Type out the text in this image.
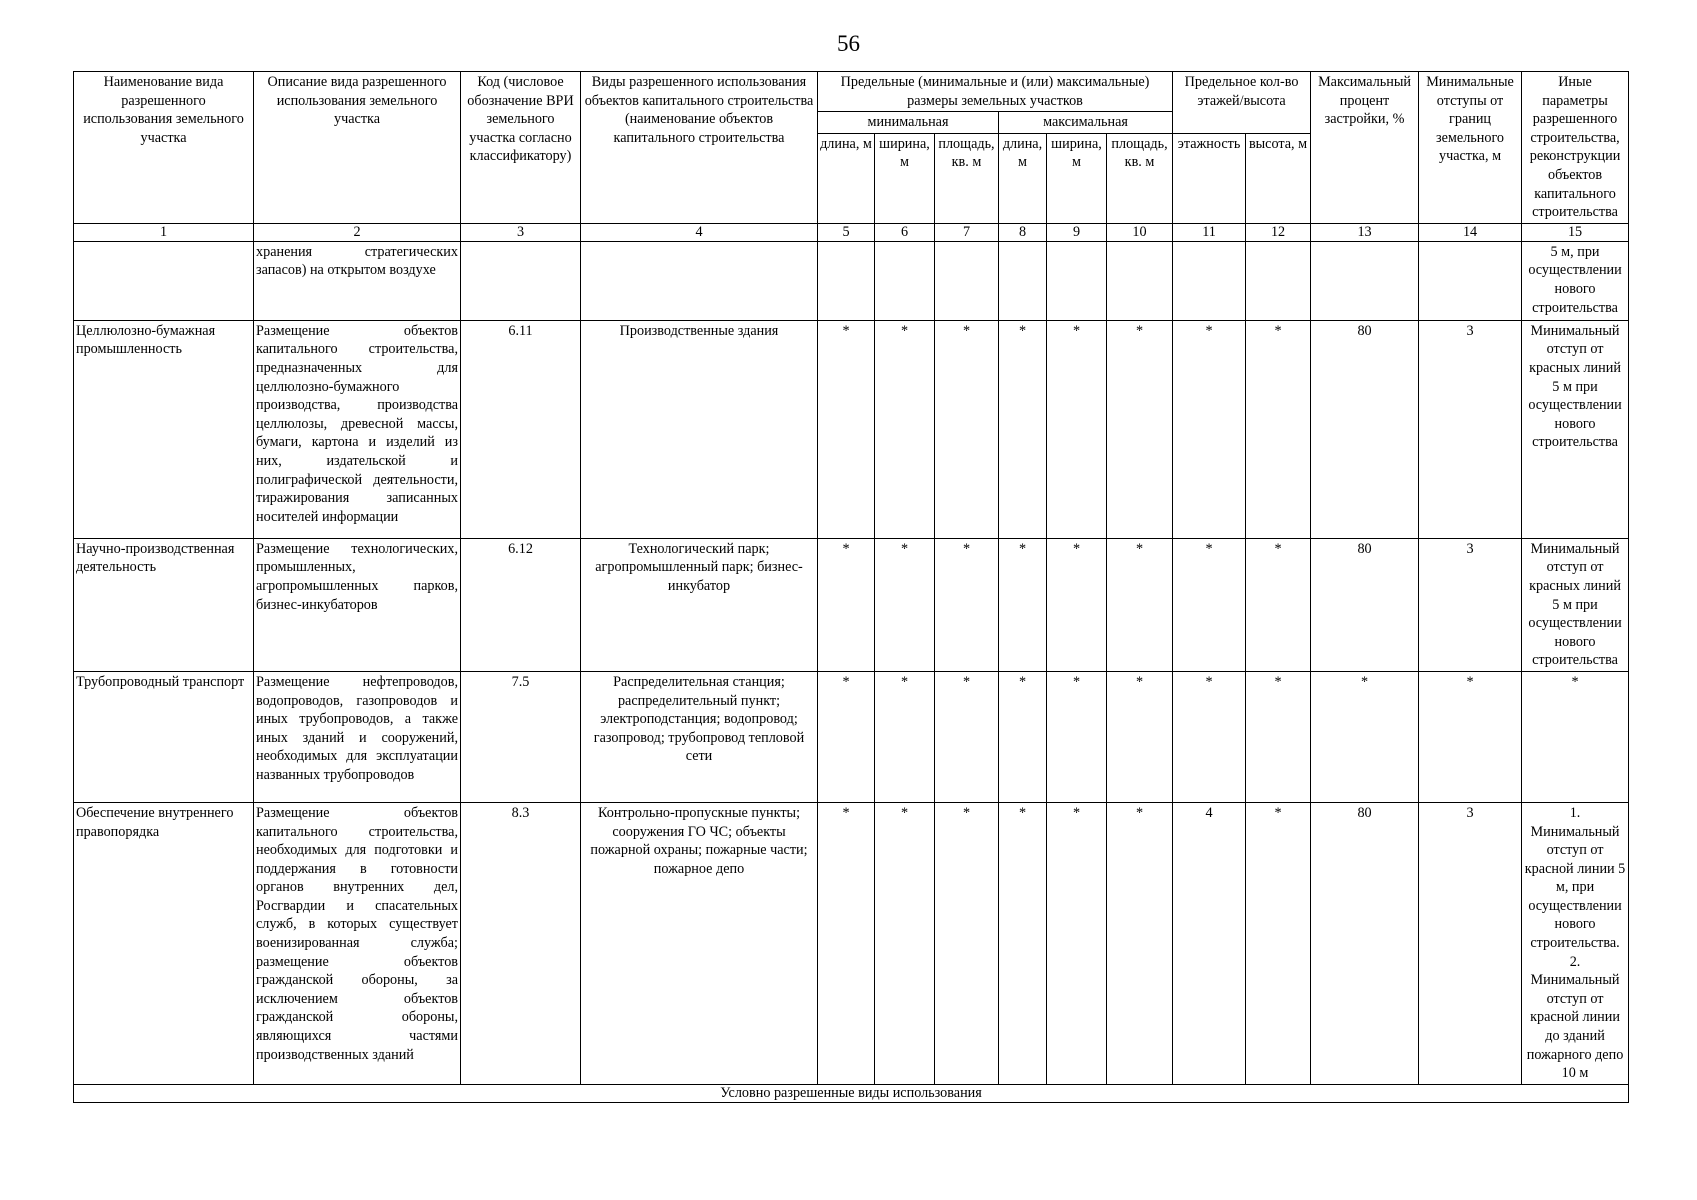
56
Наименование вида разрешенного использования земельного участка	Описание вида разрешенного использования земельного участка	Код (числовое обозначение ВРИ земельного участка согласно классификатору)	Виды разрешенного использования объектов капитального строительства (наименование объектов капитального строительства	Предельные (минимальные и (или) максимальные) размеры земельных участков						Предельное кол-во этажей/высота		Максимальный процент застройки, %	Минимальные отступы от границ земельного участка, м	Иные параметры разрешенного строительства, реконструкции объектов капитального строительства
				минимальная			максимальная							
				длина, м	ширина, м	площадь, кв. м	длина, м	ширина, м	площадь, кв. м	этажность	высота, м			
1	2	3	4	5	6	7	8	9	10	11	12	13	14	15
	хранения стратегических запасов) на открытом воздухе													5 м, при осуществлении нового строительства
Целлюлозно-бумажная промышленность	Размещение объектов капитального строительства, предназначенных для целлюлозно-бумажного производства, производства целлюлозы, древесной массы, бумаги, картона и изделий из них, издательской и полиграфической деятельности, тиражирования записанных носителей информации	6.11	Производственные здания	*	*	*	*	*	*	*	*	80	3	Минимальный отступ от красных линий 5 м при осуществлении нового строительства
Научно-производственная деятельность	Размещение технологических, промышленных, агропромышленных парков, бизнес-инкубаторов	6.12	Технологический парк; агропромышленный парк; бизнес-инкубатор	*	*	*	*	*	*	*	*	80	3	Минимальный отступ от красных линий 5 м при осуществлении нового строительства
Трубопроводный транспорт	Размещение нефтепроводов, водопроводов, газопроводов и иных трубопроводов, а также иных зданий и сооружений, необходимых для эксплуатации названных трубопроводов	7.5	Распределительная станция; распределительный пункт; электроподстанция; водопровод; газопровод; трубопровод тепловой сети	*	*	*	*	*	*	*	*	*	*	*
Обеспечение внутреннего правопорядка	Размещение объектов капитального строительства, необходимых для подготовки и поддержания в готовности органов внутренних дел, Росгвардии и спасательных служб, в которых существует военизированная служба; размещение объектов гражданской обороны, за исключением объектов гражданской обороны, являющихся частями производственных зданий	8.3	Контрольно-пропускные пункты; сооружения ГО ЧС; объекты пожарной охраны; пожарные части; пожарное депо	*	*	*	*	*	*	4	*	80	3	1. Минимальный отступ от красной линии 5 м, при осуществлении нового строительства. 2. Минимальный отступ от красной линии до зданий пожарного депо 10 м
Условно разрешенные виды использования														
